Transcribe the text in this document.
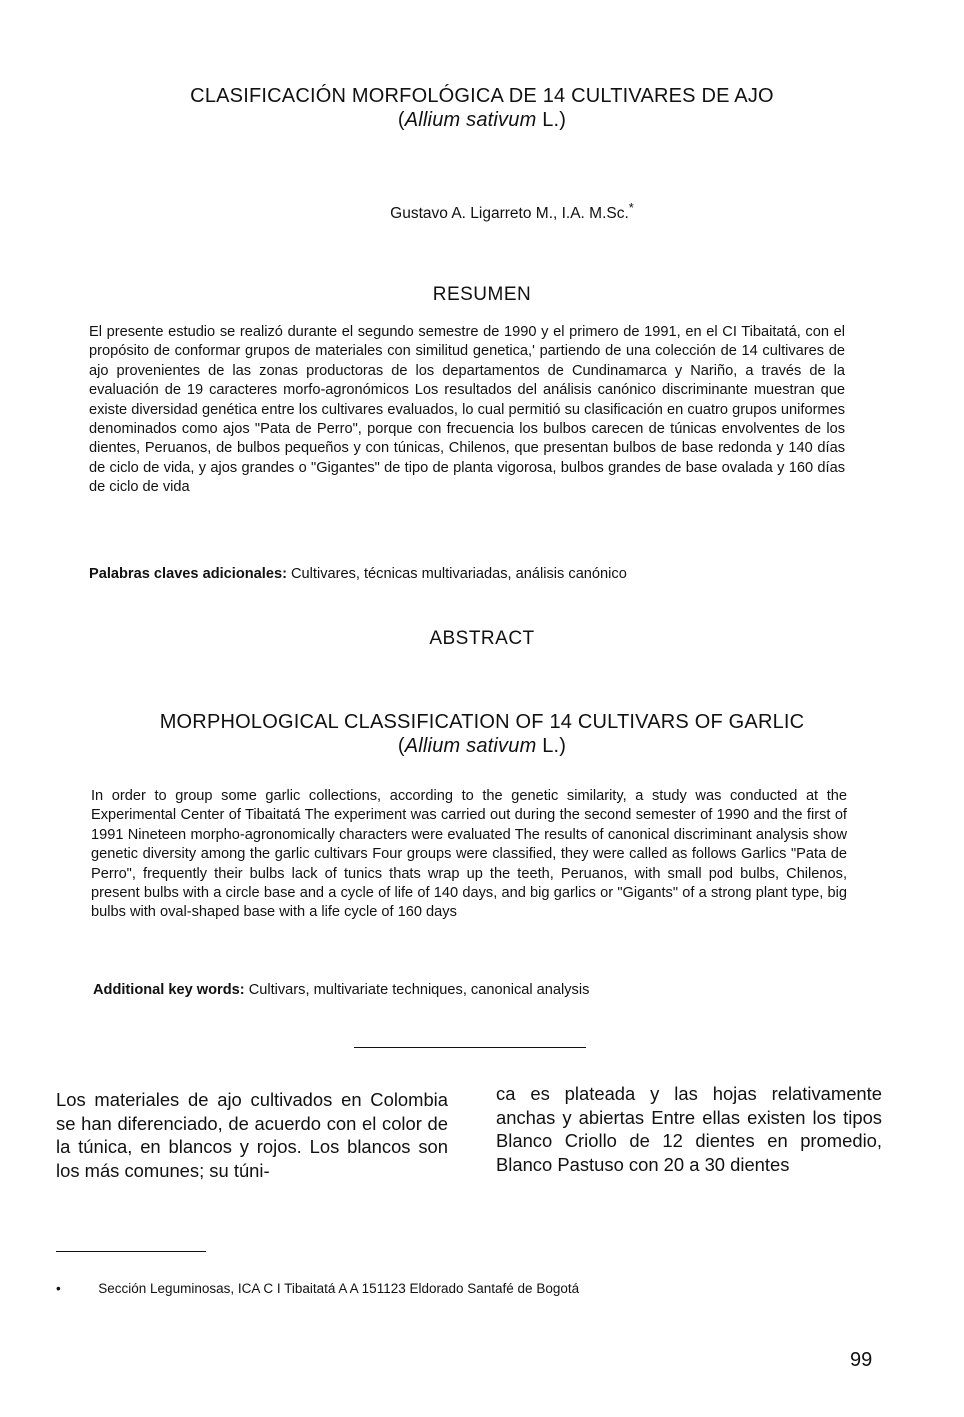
CLASIFICACIÓN MORFOLÓGICA DE 14 CULTIVARES DE AJO
(Allium sativum L.)
Gustavo A. Ligarreto M., I.A. M.Sc.*
RESUMEN
El presente estudio se realizó durante el segundo semestre de 1990 y el primero de 1991, en el CI Tibaitatá, con el propósito de conformar grupos de materiales con similitud genetica,' partiendo de una colección de 14 cultivares de ajo provenientes de las zonas productoras de los departamentos de Cundinamarca y Nariño, a través de la evaluación de 19 caracteres morfo-agronómicos Los resultados del análisis canónico discriminante muestran que existe diversidad genética entre los cultivares evaluados, lo cual permitió su clasificación en cuatro grupos uniformes denominados como ajos "Pata de Perro", porque con frecuencia los bulbos carecen de túnicas envolventes de los dientes, Peruanos, de bulbos pequeños y con túnicas, Chilenos, que presentan bulbos de base redonda y 140 días de ciclo de vida, y ajos grandes o "Gigantes" de tipo de planta vigorosa, bulbos grandes de base ovalada y 160 días de ciclo de vida
Palabras claves adicionales: Cultivares, técnicas multivariadas, análisis canónico
ABSTRACT
MORPHOLOGICAL CLASSIFICATION OF 14 CULTIVARS OF GARLIC
(Allium sativum L.)
In order to group some garlic collections, according to the genetic similarity, a study was conducted at the Experimental Center of Tibaitatá The experiment was carried out during the second semester of 1990 and the first of 1991 Nineteen morpho-agronomically characters were evaluated The results of canonical discriminant analysis show genetic diversity among the garlic cultivars Four groups were classified, they were called as follows Garlics "Pata de Perro", frequently their bulbs lack of tunics thats wrap up the teeth, Peruanos, with small pod bulbs, Chilenos, present bulbs with a circle base and a cycle of life of 140 days, and big garlics or "Gigants" of a strong plant type, big bulbs with oval-shaped base with a life cycle of 160 days
Additional key words: Cultivars, multivariate techniques, canonical analysis
Los materiales de ajo cultivados en Colombia se han diferenciado, de acuerdo con el color de la túnica, en blancos y rojos. Los blancos son los más comunes; su túni-
ca es plateada y las hojas relativamente anchas y abiertas Entre ellas existen los tipos Blanco Criollo de 12 dientes en promedio, Blanco Pastuso con 20 a 30 dientes
•	Sección Leguminosas, ICA C I Tibaitatá A A 151123 Eldorado Santafé de Bogotá
99
